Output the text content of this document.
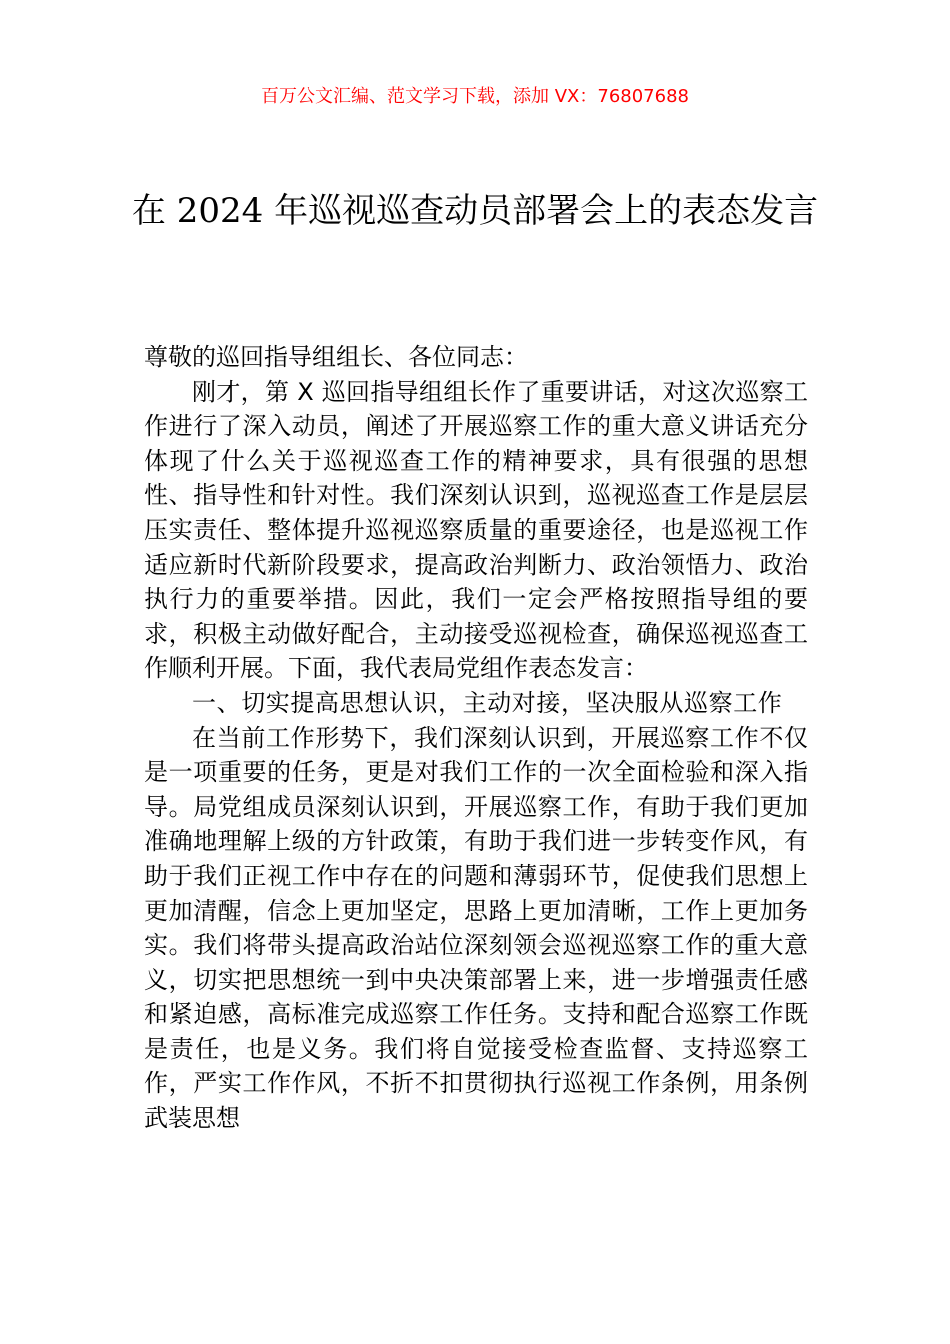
百万公文汇编、范文学习下载，添加 VX：76807688
在 2024 年巡视巡查动员部署会上的表态发言

尊敬的巡回指导组组长、各位同志：

刚才，第 X 巡回指导组组长作了重要讲话，对这次巡察工作进行了深入动员，阐述了开展巡察工作的重大意义讲话充分体现了什么关于巡视巡查工作的精神要求，具有很强的思想性、指导性和针对性。我们深刻认识到，巡视巡查工作是层层压实责任、整体提升巡视巡察质量的重要途径，也是巡视工作适应新时代新阶段要求，提高政治判断力、政治领悟力、政治执行力的重要举措。因此，我们一定会严格按照指导组的要求，积极主动做好配合，主动接受巡视检查，确保巡视巡查工作顺利开展。下面，我代表局党组作表态发言：

一、切实提高思想认识，主动对接，坚决服从巡察工作

在当前工作形势下，我们深刻认识到，开展巡察工作不仅是一项重要的任务，更是对我们工作的一次全面检验和深入指导。局党组成员深刻认识到，开展巡察工作，有助于我们更加准确地理解上级的方针政策，有助于我们进一步转变作风，有助于我们正视工作中存在的问题和薄弱环节，促使我们思想上更加清醒，信念上更加坚定，思路上更加清晰，工作上更加务实。我们将带头提高政治站位深刻领会巡视巡察工作的重大意义，切实把思想统一到中央决策部署上来，进一步增强责任感和紧迫感，高标准完成巡察工作任务。支持和配合巡察工作既是责任，也是义务。我们将自觉接受检查监督、支持巡察工作，严实工作作风，不折不扣贯彻执行巡视工作条例，用条例武装思想
